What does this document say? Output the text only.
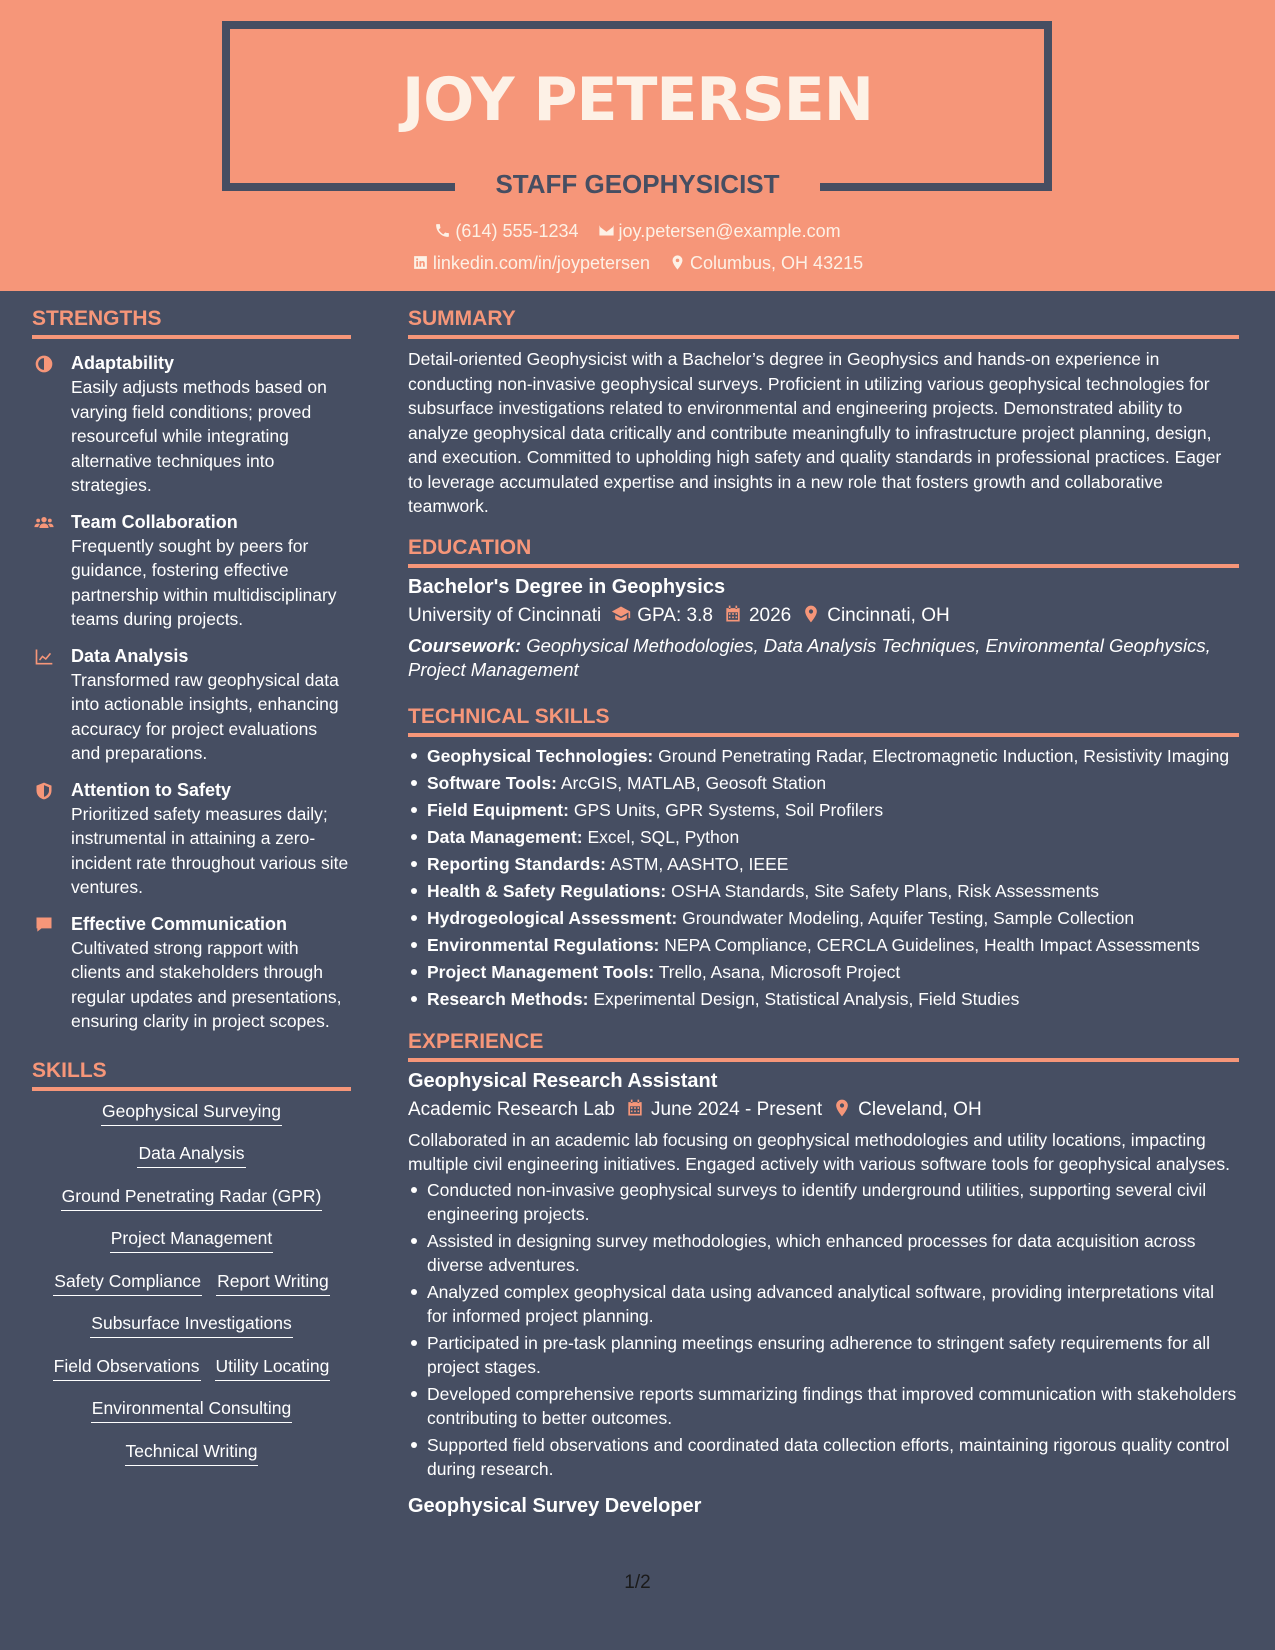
JOY PETERSEN
STAFF GEOPHYSICIST
(614) 555-1234 joy.petersen@example.com
linkedin.com/in/joypetersen Columbus, OH 43215
STRENGTHS
Adaptability
Easily adjusts methods based on varying field conditions; proved resourceful while integrating alternative techniques into strategies.
Team Collaboration
Frequently sought by peers for guidance, fostering effective partnership within multidisciplinary teams during projects.
Data Analysis
Transformed raw geophysical data into actionable insights, enhancing accuracy for project evaluations and preparations.
Attention to Safety
Prioritized safety measures daily; instrumental in attaining a zero-incident rate throughout various site ventures.
Effective Communication
Cultivated strong rapport with clients and stakeholders through regular updates and presentations, ensuring clarity in project scopes.
SKILLS
Geophysical Surveying
Data Analysis
Ground Penetrating Radar (GPR)
Project Management
Safety Compliance Report Writing
Subsurface Investigations
Field Observations Utility Locating
Environmental Consulting
Technical Writing
SUMMARY
Detail-oriented Geophysicist with a Bachelor’s degree in Geophysics and hands-on experience in conducting non-invasive geophysical surveys. Proficient in utilizing various geophysical technologies for subsurface investigations related to environmental and engineering projects. Demonstrated ability to analyze geophysical data critically and contribute meaningfully to infrastructure project planning, design, and execution. Committed to upholding high safety and quality standards in professional practices. Eager to leverage accumulated expertise and insights in a new role that fosters growth and collaborative teamwork.
EDUCATION
Bachelor's Degree in Geophysics
University of Cincinnati GPA: 3.8 2026 Cincinnati, OH
Coursework: Geophysical Methodologies, Data Analysis Techniques, Environmental Geophysics, Project Management
TECHNICAL SKILLS
Geophysical Technologies: Ground Penetrating Radar, Electromagnetic Induction, Resistivity Imaging
Software Tools: ArcGIS, MATLAB, Geosoft Station
Field Equipment: GPS Units, GPR Systems, Soil Profilers
Data Management: Excel, SQL, Python
Reporting Standards: ASTM, AASHTO, IEEE
Health & Safety Regulations: OSHA Standards, Site Safety Plans, Risk Assessments
Hydrogeological Assessment: Groundwater Modeling, Aquifer Testing, Sample Collection
Environmental Regulations: NEPA Compliance, CERCLA Guidelines, Health Impact Assessments
Project Management Tools: Trello, Asana, Microsoft Project
Research Methods: Experimental Design, Statistical Analysis, Field Studies
EXPERIENCE
Geophysical Research Assistant
Academic Research Lab June 2024 - Present Cleveland, OH
Collaborated in an academic lab focusing on geophysical methodologies and utility locations, impacting multiple civil engineering initiatives. Engaged actively with various software tools for geophysical analyses.
Conducted non-invasive geophysical surveys to identify underground utilities, supporting several civil engineering projects.
Assisted in designing survey methodologies, which enhanced processes for data acquisition across diverse adventures.
Analyzed complex geophysical data using advanced analytical software, providing interpretations vital for informed project planning.
Participated in pre-task planning meetings ensuring adherence to stringent safety requirements for all project stages.
Developed comprehensive reports summarizing findings that improved communication with stakeholders contributing to better outcomes.
Supported field observations and coordinated data collection efforts, maintaining rigorous quality control during research.
Geophysical Survey Developer
1/2
